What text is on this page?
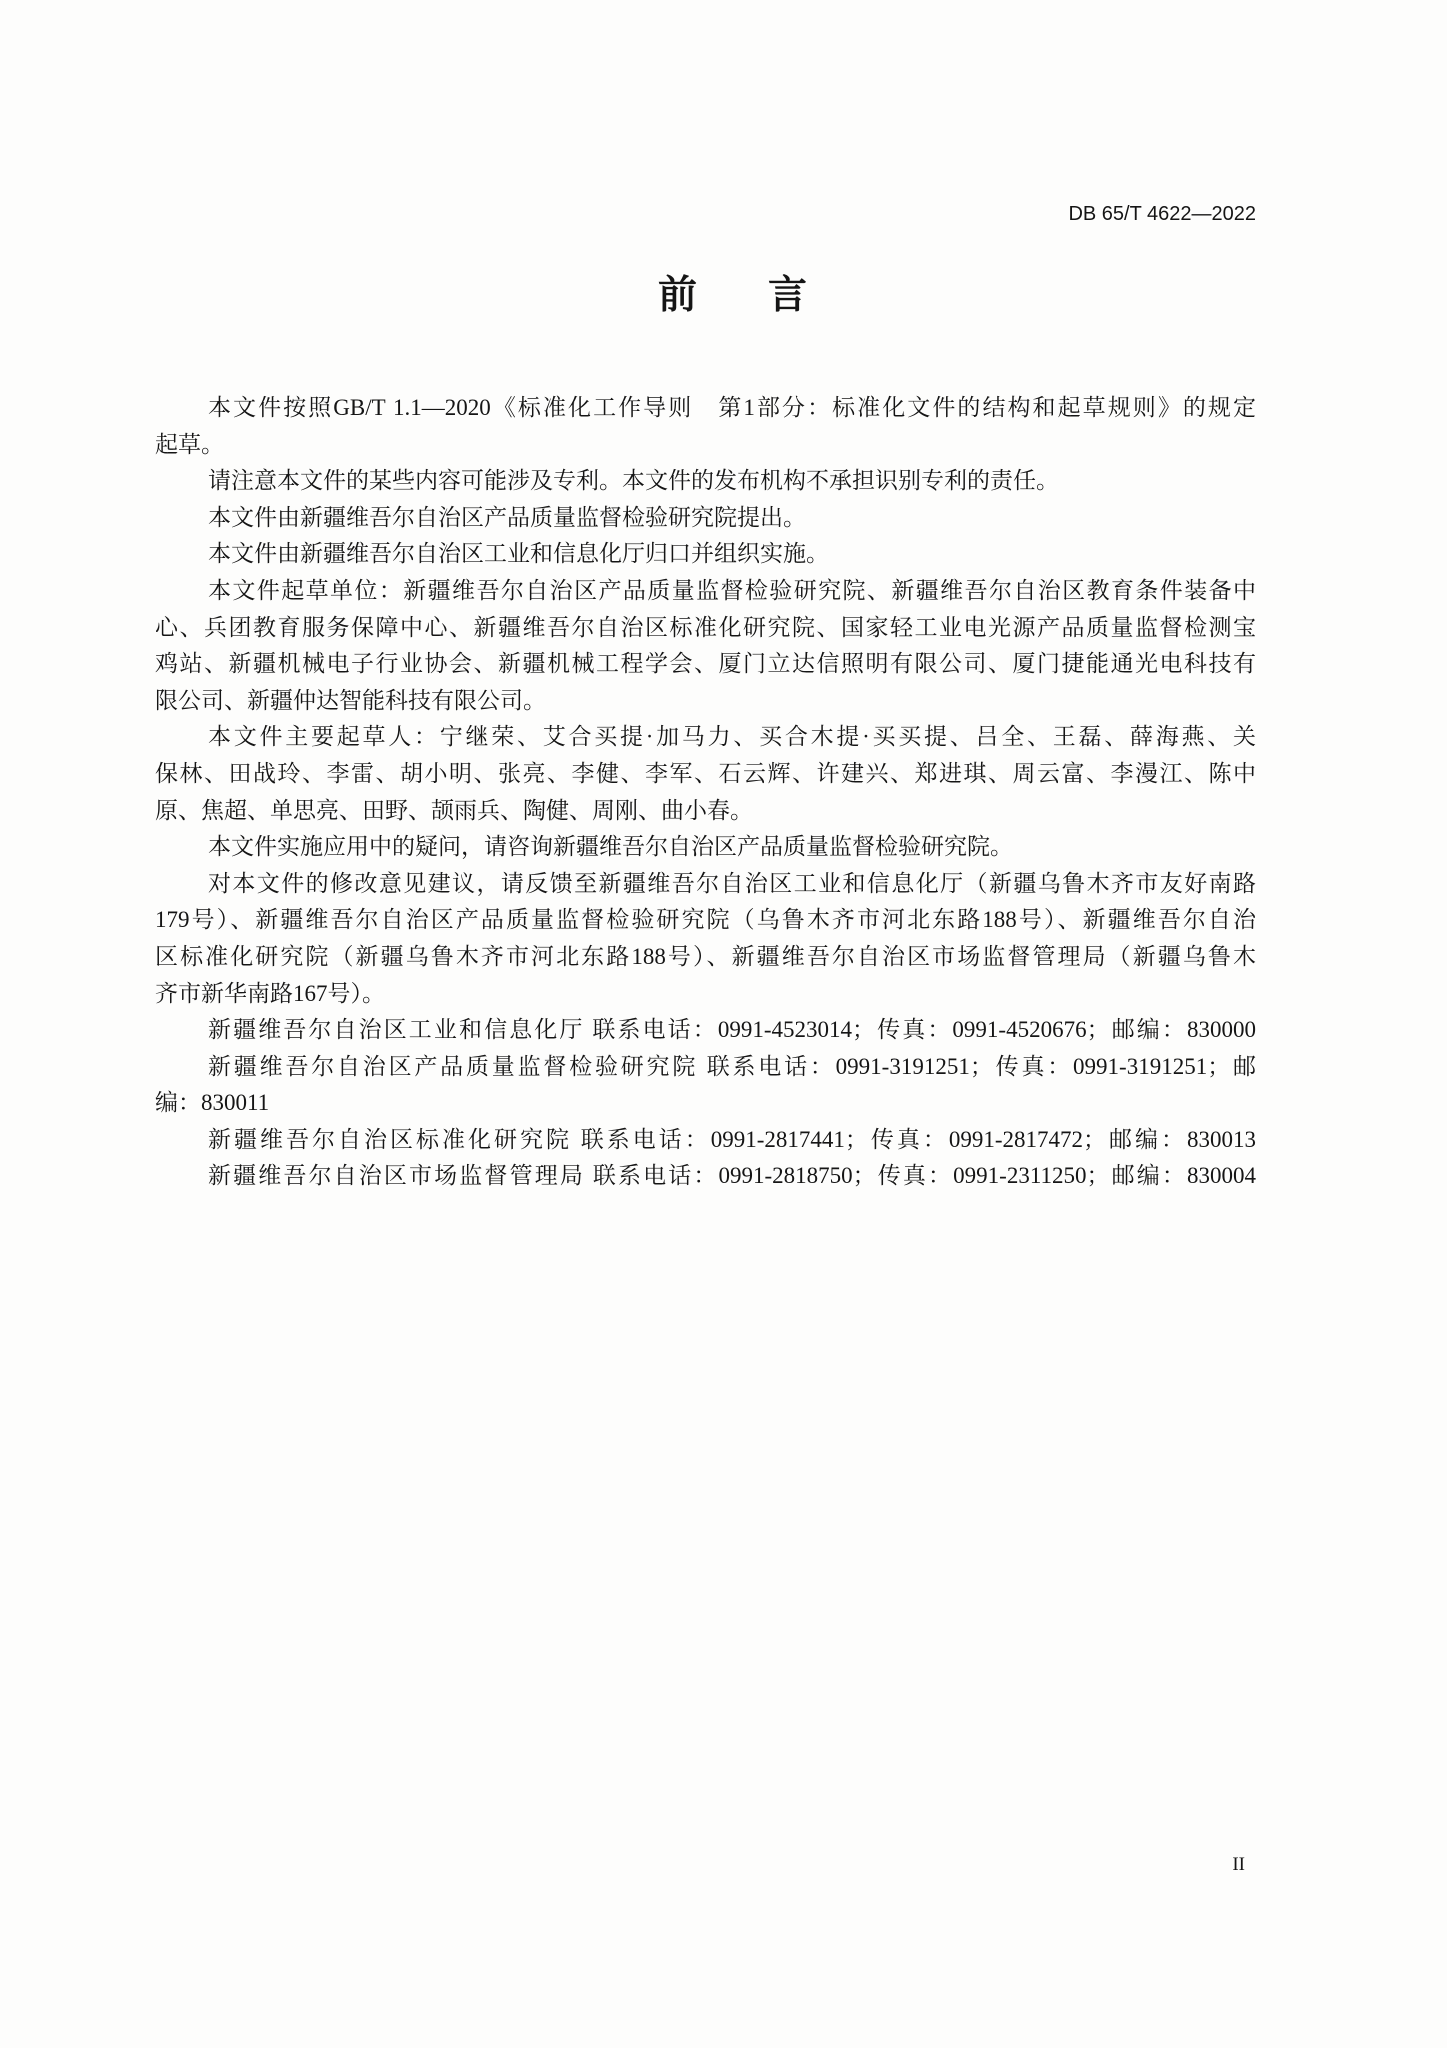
DB 65/T 4622—2022
前　言
本文件按照GB/T 1.1—2020《标准化工作导则　第1部分：标准化文件的结构和起草规则》的规定
起草。
请注意本文件的某些内容可能涉及专利。本文件的发布机构不承担识别专利的责任。
本文件由新疆维吾尔自治区产品质量监督检验研究院提出。
本文件由新疆维吾尔自治区工业和信息化厅归口并组织实施。
本文件起草单位：新疆维吾尔自治区产品质量监督检验研究院、新疆维吾尔自治区教育条件装备中
心、兵团教育服务保障中心、新疆维吾尔自治区标准化研究院、国家轻工业电光源产品质量监督检测宝
鸡站、新疆机械电子行业协会、新疆机械工程学会、厦门立达信照明有限公司、厦门捷能通光电科技有
限公司、新疆仲达智能科技有限公司。
本文件主要起草人：宁继荣、艾合买提·加马力、买合木提·买买提、吕全、王磊、薛海燕、关
保林、田战玲、李雷、胡小明、张亮、李健、李军、石云辉、许建兴、郑进琪、周云富、李漫江、陈中
原、焦超、单思亮、田野、颉雨兵、陶健、周刚、曲小春。
本文件实施应用中的疑问，请咨询新疆维吾尔自治区产品质量监督检验研究院。
对本文件的修改意见建议，请反馈至新疆维吾尔自治区工业和信息化厅（新疆乌鲁木齐市友好南路
179号）、新疆维吾尔自治区产品质量监督检验研究院（乌鲁木齐市河北东路188号）、新疆维吾尔自治
区标准化研究院（新疆乌鲁木齐市河北东路188号）、新疆维吾尔自治区市场监督管理局（新疆乌鲁木
齐市新华南路167号）。
新疆维吾尔自治区工业和信息化厅 联系电话：0991-4523014；传真：0991-4520676；邮编：830000
新疆维吾尔自治区产品质量监督检验研究院 联系电话：0991-3191251；传真：0991-3191251；邮
编：830011
新疆维吾尔自治区标准化研究院 联系电话：0991-2817441；传真：0991-2817472；邮编：830013
新疆维吾尔自治区市场监督管理局 联系电话：0991-2818750；传真：0991-2311250；邮编：830004
II
